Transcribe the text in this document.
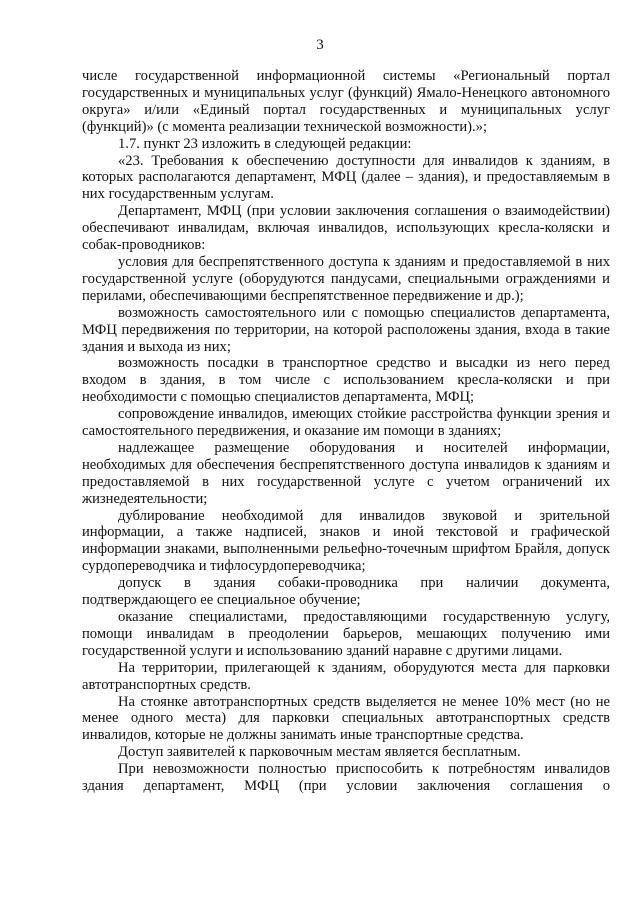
3

числе государственной информационной системы «Региональный портал государственных и муниципальных услуг (функций) Ямало-Ненецкого автономного округа» и/или «Единый портал государственных и муниципальных услуг (функций)» (с момента реализации технической возможности).»;

1.7. пункт 23 изложить в следующей редакции:

«23. Требования к обеспечению доступности для инвалидов к зданиям, в которых располагаются департамент, МФЦ (далее – здания), и предоставляемым в них государственным услугам.

Департамент, МФЦ (при условии заключения соглашения о взаимодействии) обеспечивают инвалидам, включая инвалидов, использующих кресла-коляски и собак-проводников:

условия для беспрепятственного доступа к зданиям и предоставляемой в них государственной услуге (оборудуются пандусами, специальными ограждениями и перилами, обеспечивающими беспрепятственное передвижение и др.);

возможность самостоятельного или с помощью специалистов департамента, МФЦ передвижения по территории, на которой расположены здания, входа в такие здания и выхода из них;

возможность посадки в транспортное средство и высадки из него перед входом в здания, в том числе с использованием кресла-коляски и при необходимости с помощью специалистов департамента, МФЦ;

сопровождение инвалидов, имеющих стойкие расстройства функции зрения и самостоятельного передвижения, и оказание им помощи в зданиях;

надлежащее размещение оборудования и носителей информации, необходимых для обеспечения беспрепятственного доступа инвалидов к зданиям и предоставляемой в них государственной услуге с учетом ограничений их жизнедеятельности;

дублирование необходимой для инвалидов звуковой и зрительной информации, а также надписей, знаков и иной текстовой и графической информации знаками, выполненными рельефно-точечным шрифтом Брайля, допуск сурдопереводчика и тифлосурдопереводчика;

допуск в здания собаки-проводника при наличии документа, подтверждающего ее специальное обучение;

оказание специалистами, предоставляющими государственную услугу, помощи инвалидам в преодолении барьеров, мешающих получению ими государственной услуги и использованию зданий наравне с другими лицами.

На территории, прилегающей к зданиям, оборудуются места для парковки автотранспортных средств.

На стоянке автотранспортных средств выделяется не менее 10% мест (но не менее одного места) для парковки специальных автотранспортных средств инвалидов, которые не должны занимать иные транспортные средства.

Доступ заявителей к парковочным местам является бесплатным.

При невозможности полностью приспособить к потребностям инвалидов здания департамент, МФЦ (при условии заключения соглашения о
